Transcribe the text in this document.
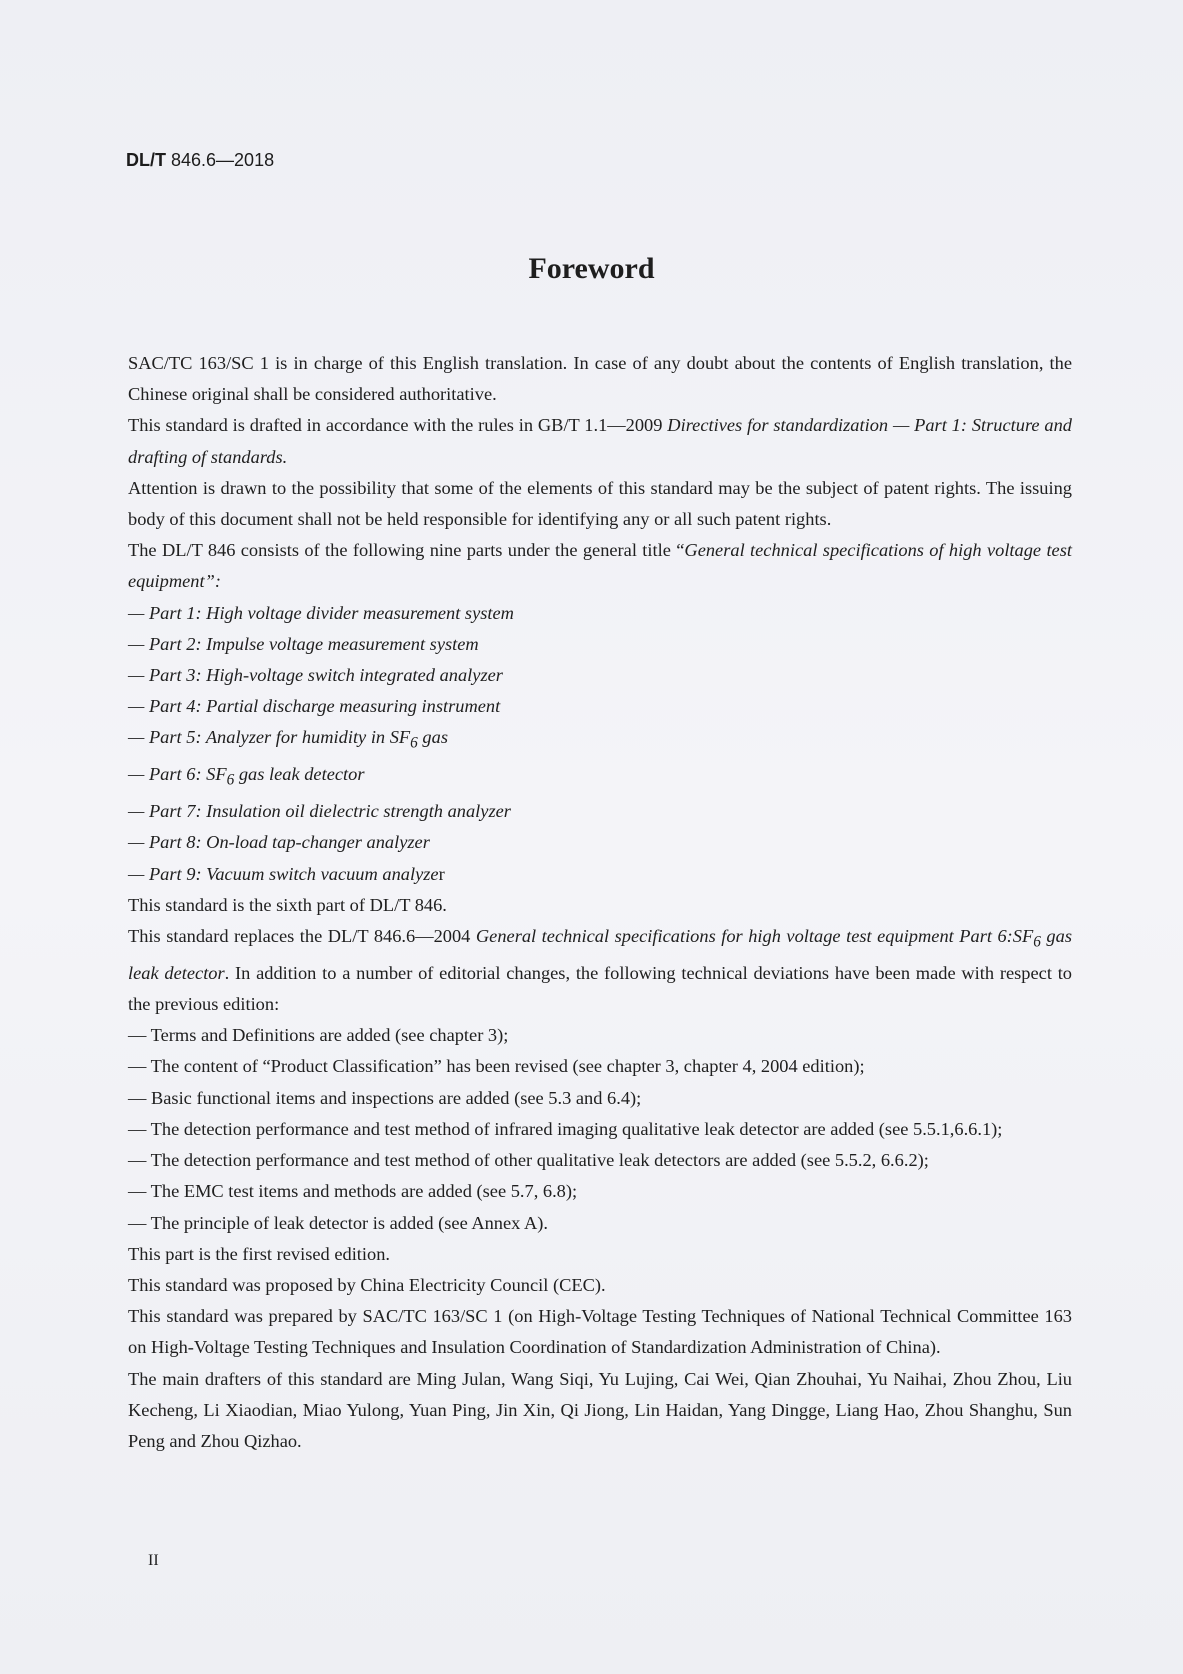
DL/T 846.6—2018
Foreword

SAC/TC 163/SC 1 is in charge of this English translation. In case of any doubt about the contents of English translation, the Chinese original shall be considered authoritative.

This standard is drafted in accordance with the rules in GB/T 1.1—2009 Directives for standardization — Part 1: Structure and drafting of standards.

Attention is drawn to the possibility that some of the elements of this standard may be the subject of patent rights. The issuing body of this document shall not be held responsible for identifying any or all such patent rights.

The DL/T 846 consists of the following nine parts under the general title “General technical specifications of high voltage test equipment”:

— Part 1: High voltage divider measurement system

— Part 2: Impulse voltage measurement system

— Part 3: High-voltage switch integrated analyzer

— Part 4: Partial discharge measuring instrument

— Part 5: Analyzer for humidity in $SF_6$ gas

— Part 6: $SF_6$ gas leak detector

— Part 7: Insulation oil dielectric strength analyzer

— Part 8: On-load tap-changer analyzer

— Part 9: Vacuum switch vacuum analyzer

This standard is the sixth part of DL/T 846.

This standard replaces the DL/T 846.6—2004 General technical specifications for high voltage test equipment Part $6:SF_6$ gas leak detector. In addition to a number of editorial changes, the following technical deviations have been made with respect to the previous edition:

— Terms and Definitions are added (see chapter 3);

— The content of “Product Classification” has been revised (see chapter 3, chapter 4, 2004 edition);

— Basic functional items and inspections are added (see 5.3 and 6.4);

— The detection performance and test method of infrared imaging qualitative leak detector are added (see 5.5.1,6.6.1);

— The detection performance and test method of other qualitative leak detectors are added (see 5.5.2, 6.6.2);

— The EMC test items and methods are added (see 5.7, 6.8);

— The principle of leak detector is added (see Annex A).

This part is the first revised edition.

This standard was proposed by China Electricity Council (CEC).

This standard was prepared by SAC/TC 163/SC 1 (on High-Voltage Testing Techniques of National Technical Committee 163 on High-Voltage Testing Techniques and Insulation Coordination of Standardization Administration of China).

The main drafters of this standard are Ming Julan, Wang Siqi, Yu Lujing, Cai Wei, Qian Zhouhai, Yu Naihai, Zhou Zhou, Liu Kecheng, Li Xiaodian, Miao Yulong, Yuan Ping, Jin Xin, Qi Jiong, Lin Haidan, Yang Dingge, Liang Hao, Zhou Shanghu, Sun Peng and Zhou Qizhao.

II
